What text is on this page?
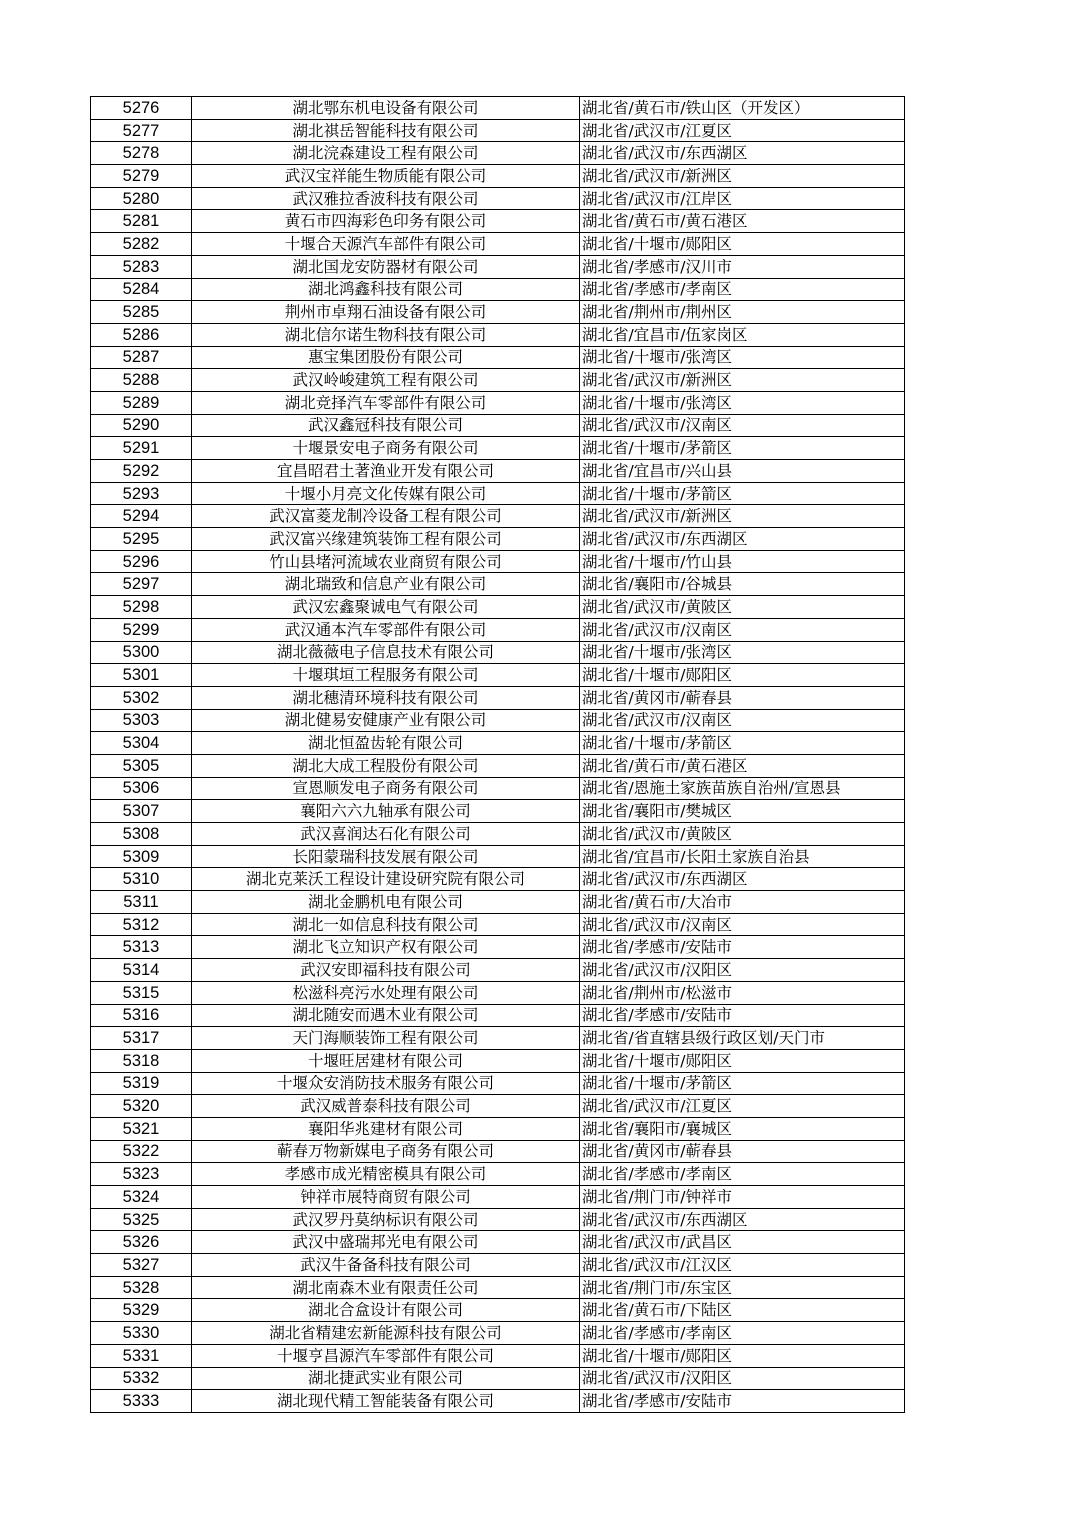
5276	湖北鄂东机电设备有限公司	湖北省/黄石市/铁山区（开发区）
5277	湖北祺岳智能科技有限公司	湖北省/武汉市/江夏区
5278	湖北浣森建设工程有限公司	湖北省/武汉市/东西湖区
5279	武汉宝祥能生物质能有限公司	湖北省/武汉市/新洲区
5280	武汉雅拉香波科技有限公司	湖北省/武汉市/江岸区
5281	黄石市四海彩色印务有限公司	湖北省/黄石市/黄石港区
5282	十堰合天源汽车部件有限公司	湖北省/十堰市/郧阳区
5283	湖北国龙安防器材有限公司	湖北省/孝感市/汉川市
5284	湖北鸿鑫科技有限公司	湖北省/孝感市/孝南区
5285	荆州市卓翔石油设备有限公司	湖北省/荆州市/荆州区
5286	湖北信尔诺生物科技有限公司	湖北省/宜昌市/伍家岗区
5287	惠宝集团股份有限公司	湖北省/十堰市/张湾区
5288	武汉岭峻建筑工程有限公司	湖北省/武汉市/新洲区
5289	湖北竞择汽车零部件有限公司	湖北省/十堰市/张湾区
5290	武汉鑫冠科技有限公司	湖北省/武汉市/汉南区
5291	十堰景安电子商务有限公司	湖北省/十堰市/茅箭区
5292	宜昌昭君土著渔业开发有限公司	湖北省/宜昌市/兴山县
5293	十堰小月亮文化传媒有限公司	湖北省/十堰市/茅箭区
5294	武汉富菱龙制冷设备工程有限公司	湖北省/武汉市/新洲区
5295	武汉富兴缘建筑装饰工程有限公司	湖北省/武汉市/东西湖区
5296	竹山县堵河流域农业商贸有限公司	湖北省/十堰市/竹山县
5297	湖北瑞致和信息产业有限公司	湖北省/襄阳市/谷城县
5298	武汉宏鑫聚诚电气有限公司	湖北省/武汉市/黄陂区
5299	武汉通本汽车零部件有限公司	湖北省/武汉市/汉南区
5300	湖北薇薇电子信息技术有限公司	湖北省/十堰市/张湾区
5301	十堰琪垣工程服务有限公司	湖北省/十堰市/郧阳区
5302	湖北穗清环境科技有限公司	湖北省/黄冈市/蕲春县
5303	湖北健易安健康产业有限公司	湖北省/武汉市/汉南区
5304	湖北恒盈齿轮有限公司	湖北省/十堰市/茅箭区
5305	湖北大成工程股份有限公司	湖北省/黄石市/黄石港区
5306	宣恩顺发电子商务有限公司	湖北省/恩施土家族苗族自治州/宣恩县
5307	襄阳六六九轴承有限公司	湖北省/襄阳市/樊城区
5308	武汉喜润达石化有限公司	湖北省/武汉市/黄陂区
5309	长阳蒙瑞科技发展有限公司	湖北省/宜昌市/长阳土家族自治县
5310	湖北克莱沃工程设计建设研究院有限公司	湖北省/武汉市/东西湖区
5311	湖北金鹏机电有限公司	湖北省/黄石市/大冶市
5312	湖北一如信息科技有限公司	湖北省/武汉市/汉南区
5313	湖北飞立知识产权有限公司	湖北省/孝感市/安陆市
5314	武汉安即福科技有限公司	湖北省/武汉市/汉阳区
5315	松滋科亮污水处理有限公司	湖北省/荆州市/松滋市
5316	湖北随安而遇木业有限公司	湖北省/孝感市/安陆市
5317	天门海顺装饰工程有限公司	湖北省/省直辖县级行政区划/天门市
5318	十堰旺居建材有限公司	湖北省/十堰市/郧阳区
5319	十堰众安消防技术服务有限公司	湖北省/十堰市/茅箭区
5320	武汉威普泰科技有限公司	湖北省/武汉市/江夏区
5321	襄阳华兆建材有限公司	湖北省/襄阳市/襄城区
5322	蕲春万物新媒电子商务有限公司	湖北省/黄冈市/蕲春县
5323	孝感市成光精密模具有限公司	湖北省/孝感市/孝南区
5324	钟祥市展特商贸有限公司	湖北省/荆门市/钟祥市
5325	武汉罗丹莫纳标识有限公司	湖北省/武汉市/东西湖区
5326	武汉中盛瑞邦光电有限公司	湖北省/武汉市/武昌区
5327	武汉牛备备科技有限公司	湖北省/武汉市/江汉区
5328	湖北南森木业有限责任公司	湖北省/荆门市/东宝区
5329	湖北合盒设计有限公司	湖北省/黄石市/下陆区
5330	湖北省精建宏新能源科技有限公司	湖北省/孝感市/孝南区
5331	十堰亨昌源汽车零部件有限公司	湖北省/十堰市/郧阳区
5332	湖北捷武实业有限公司	湖北省/武汉市/汉阳区
5333	湖北现代精工智能装备有限公司	湖北省/孝感市/安陆市
